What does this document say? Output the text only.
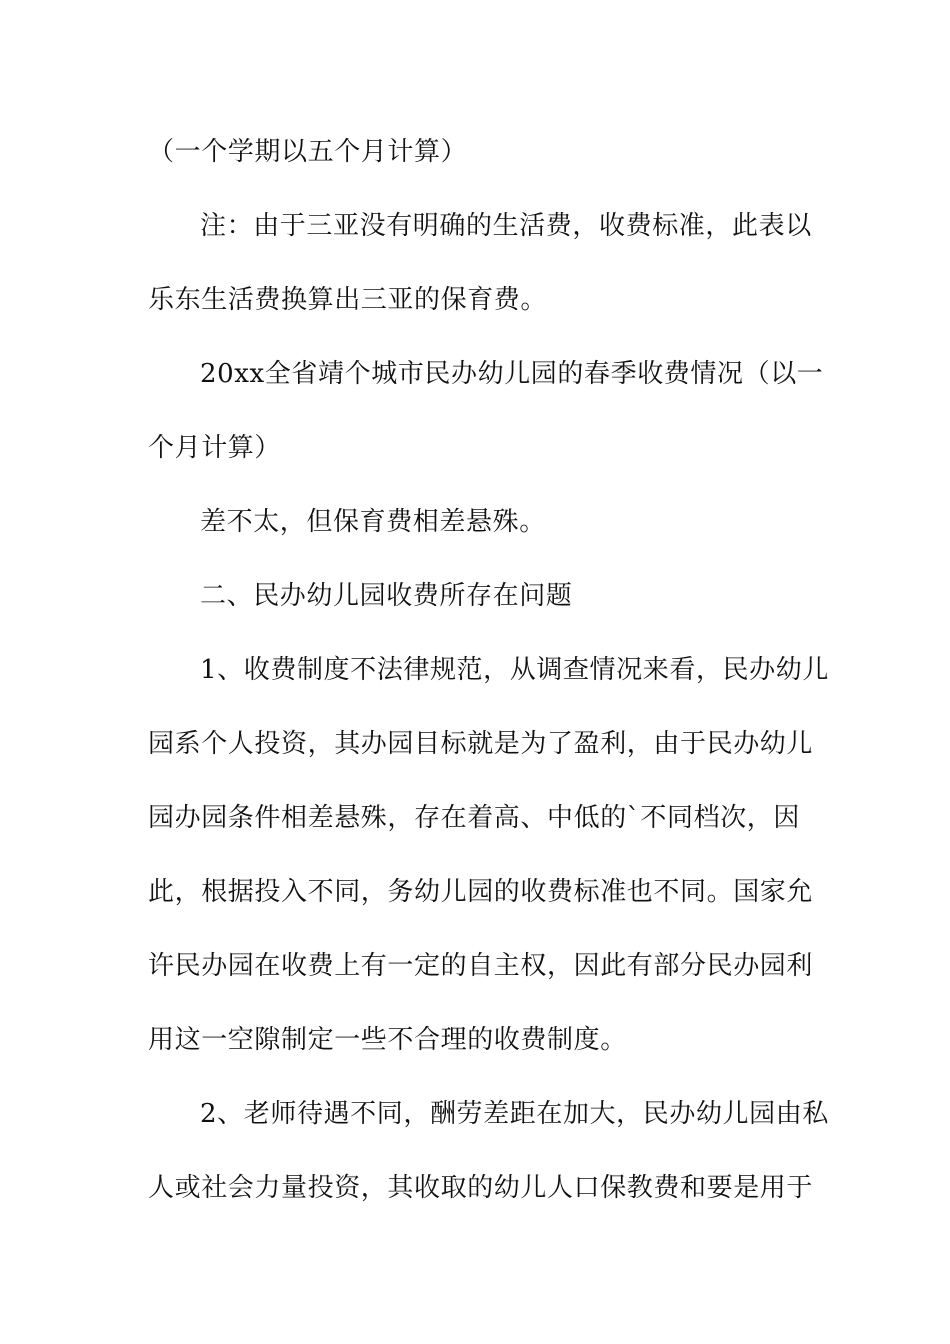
（一个学期以五个月计算）
注：由于三亚没有明确的生活费，收费标准，此表以
乐东生活费换算出三亚的保育费。
20xx全省靖个城市民办幼儿园的春季收费情况（以一
个月计算）
差不太，但保育费相差悬殊。
二、民办幼儿园收费所存在问题
1、收费制度不法律规范，从调查情况来看，民办幼儿
园系个人投资，其办园目标就是为了盈利，由于民办幼儿
园办园条件相差悬殊，存在着高、中低的`不同档次，因
此，根据投入不同，务幼儿园的收费标准也不同。国家允
许民办园在收费上有一定的自主权，因此有部分民办园利
用这一空隙制定一些不合理的收费制度。
2、老师待遇不同，酬劳差距在加大，民办幼儿园由私
人或社会力量投资，其收取的幼儿人口保教费和要是用于
